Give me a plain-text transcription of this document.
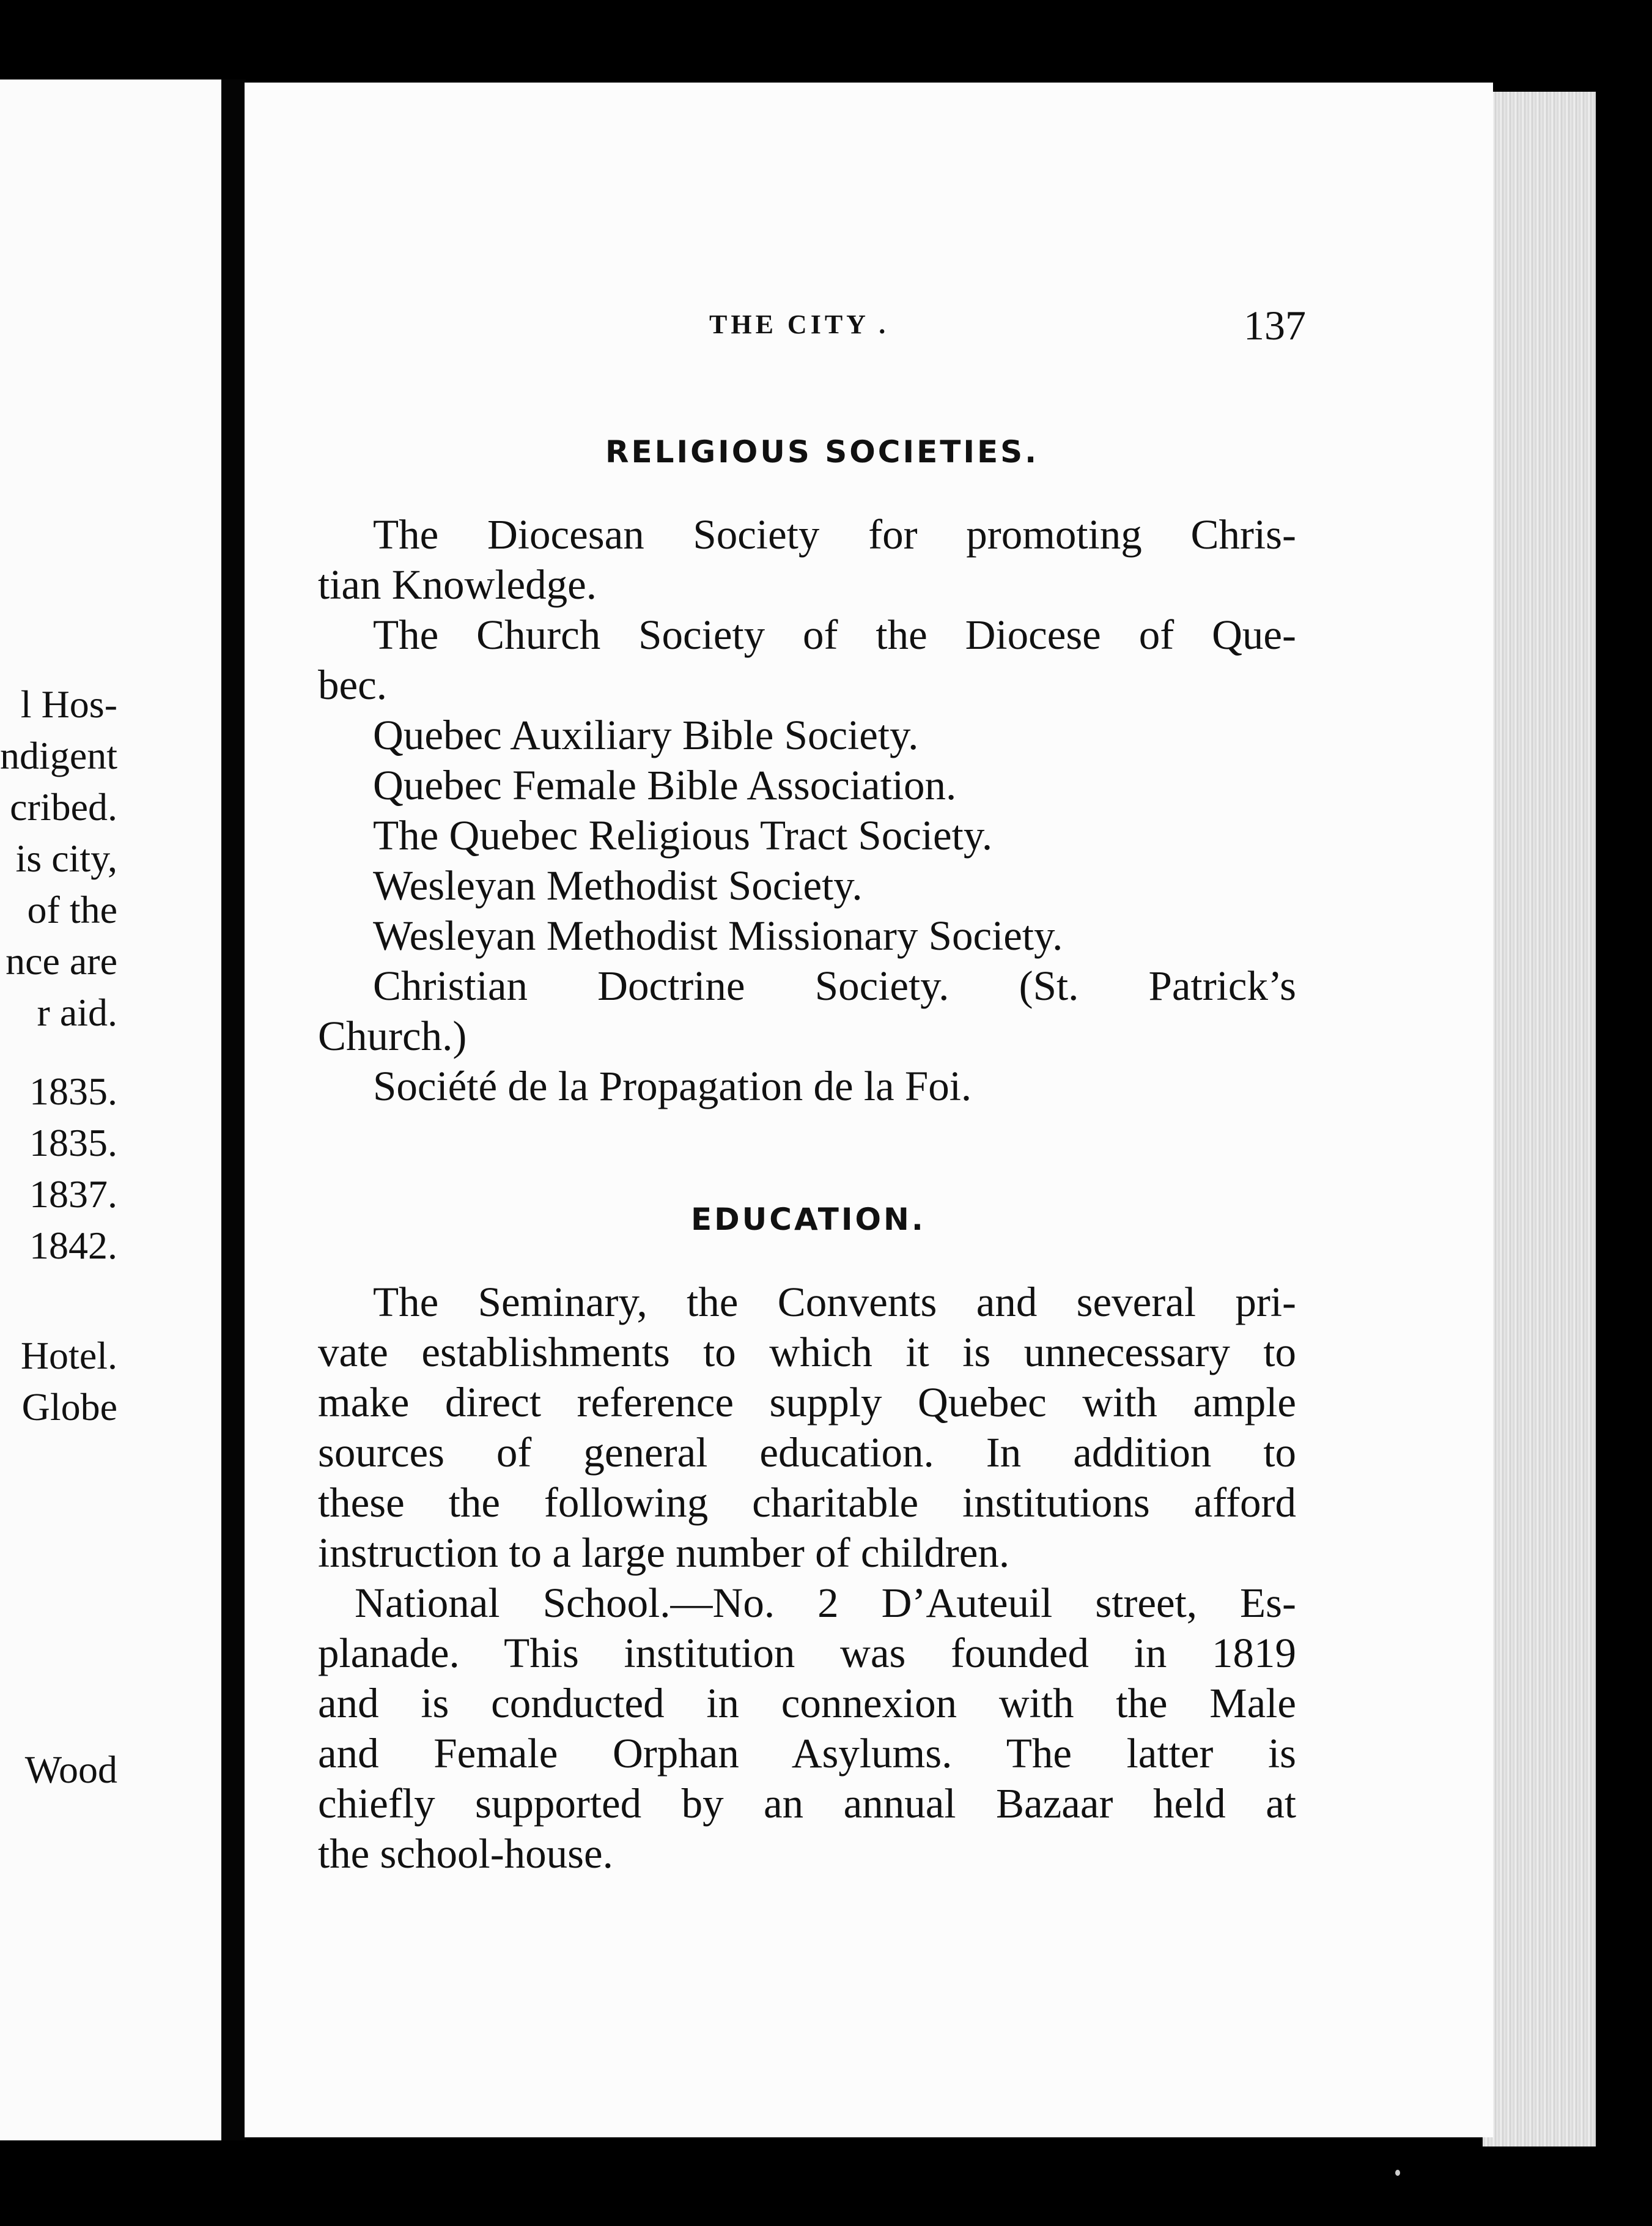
l Hos-
ndigent
cribed.
is city,
of the
nce are
r aid.
1835.
1835.
1837.
1842.
Hotel.
Globe
Wood
THE CITY .	137
RELIGIOUS SOCIETIES.
The Diocesan Society for promoting Chris-
tian Knowledge.
The Church Society of the Diocese of Que-
bec.
Quebec Auxiliary Bible Society.
Quebec Female Bible Association.
The Quebec Religious Tract Society.
Wesleyan Methodist Society.
Wesleyan Methodist Missionary Society.
Christian Doctrine Society. (St. Patrick’s
Church.)
Société de la Propagation de la Foi.
EDUCATION.
The Seminary, the Convents and several pri-
vate establishments to which it is unnecessary to
make direct reference supply Quebec with ample
sources of general education. In addition to
these the following charitable institutions afford
instruction to a large number of children.
National School.—No. 2 D’Auteuil street, Es-
planade. This institution was founded in 1819
and is conducted in connexion with the Male
and Female Orphan Asylums. The latter is
chiefly supported by an annual Bazaar held at
the school-house.
